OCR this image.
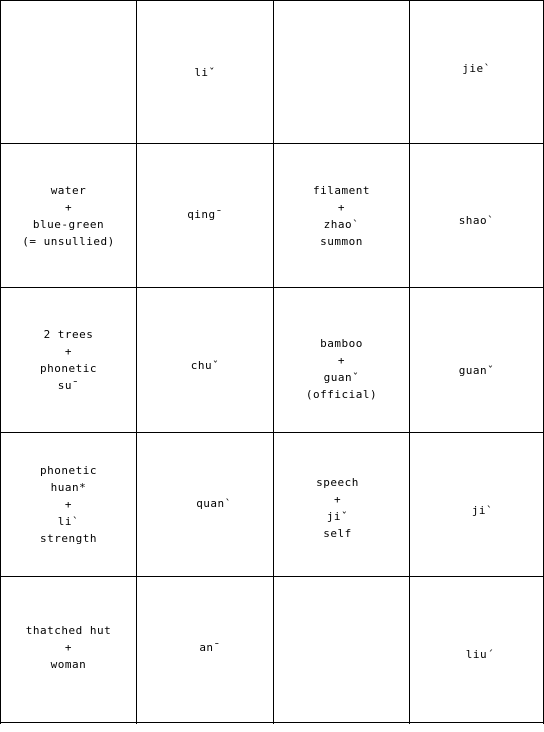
liˇ	jie`
water
+
blue-green
(= unsullied)
qing¯
filament
+
zhao`
summon
shao`
2 trees
+
phonetic
su¯
chuˇ
bamboo
+
guanˇ
(official)
guanˇ
phonetic
huan*
+
li`
strength
quan`
speech
+
jiˇ
self
ji`
thatched hut
+
woman
an¯
liu´
